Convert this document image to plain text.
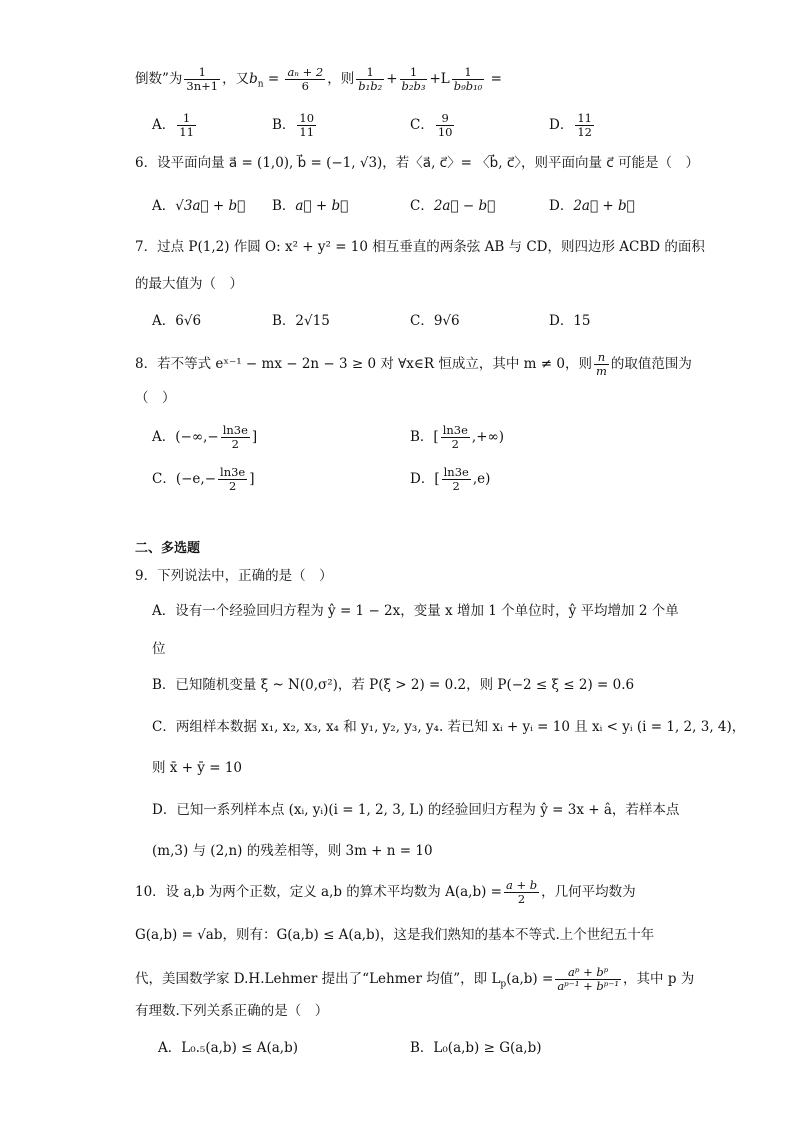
倒数”为 $\frac{1}{3n+1}$ ，又$b_n = \frac{\text{aₙ + 2}}{6}$ ，则 $\frac{1}{\text{b₁b₂}} + \frac{1}{\text{b₂b₃}} +L \frac{1}{\text{b₉b₁₀}}$ =
A． $\frac{1}{11}$	B． $\frac{10}{11}$	C． $\frac{9}{10}$	D． $\frac{11}{12}$
6．设平面向量 a⃗ = (1,0), b⃗ = (−1, √3)，若〈a⃗, c⃗〉= 〈b⃗, c⃗〉，则平面向量 c⃗ 可能是（　）
A．√3a⃗ + b⃗ B．a⃗ + b⃗	C．2a⃗ − b⃗	D．2a⃗ + b⃗
7．过点 P(1,2) 作圆 O: x² + y² = 10 相互垂直的两条弦 AB 与 CD，则四边形 ACBD 的面积
的最大值为（　）
A．6√6	B．2√15	C．9√6	D．15
8．若不等式 eˣ⁻¹ − mx − 2n − 3 ≥ 0 对 ∀x∈R 恒成立，其中 m ≠ 0，则 $\frac{n}{m}$ 的取值范围为
（　）
A．(−∞,− $\frac{\ln 3e}{2}$ ]	B．[ $\frac{\ln 3e}{2}$ ,+∞)
C．($-e,- \frac{\ln 3e}{2}$ ]	D．[ $\frac{\ln 3e}{2} ,e$)
二、多选题
9．下列说法中，正确的是（　）
A．设有一个经验回归方程为 ŷ = 1 − 2x，变量 x 增加 1 个单位时，ŷ 平均增加 2 个单
位
B．已知随机变量 ξ ~ N(0,σ²)，若 P(ξ > 2) = 0.2，则 P(−2 ≤ ξ ≤ 2) = 0.6
C．两组样本数据 x₁, x₂, x₃, x₄ 和 y₁, y₂, y₃, y₄. 若已知 xᵢ + yᵢ = 10 且 xᵢ < yᵢ (i = 1, 2, 3, 4)，
则 x̄ + ȳ = 10
D．已知一系列样本点 (xᵢ, yᵢ)(i = 1, 2, 3, L) 的经验回归方程为 ŷ = 3x + â，若样本点
(m,3) 与 (2,n) 的残差相等，则 3m + n = 10
10．设 a,b 为两个正数，定义 a,b 的算术平均数为 $A(a,b) = \frac{a + b}{2}$ ，几何平均数为
G(a,b) = √ab，则有：G(a,b) ≤ A(a,b)，这是我们熟知的基本不等式.上个世纪五十年
代，美国数学家 D.H.Lehmer 提出了“Lehmer 均值”，即 $L_p(a,b) = \frac{\text{aᵖ + bᵖ}}{\text{aᵖ⁻¹ + bᵖ⁻¹}}$ ，其中 p 为
有理数.下列关系正确的是（　）
A．L₀.₅(a,b) ≤ A(a,b)	B．L₀(a,b) ≥ G(a,b)
